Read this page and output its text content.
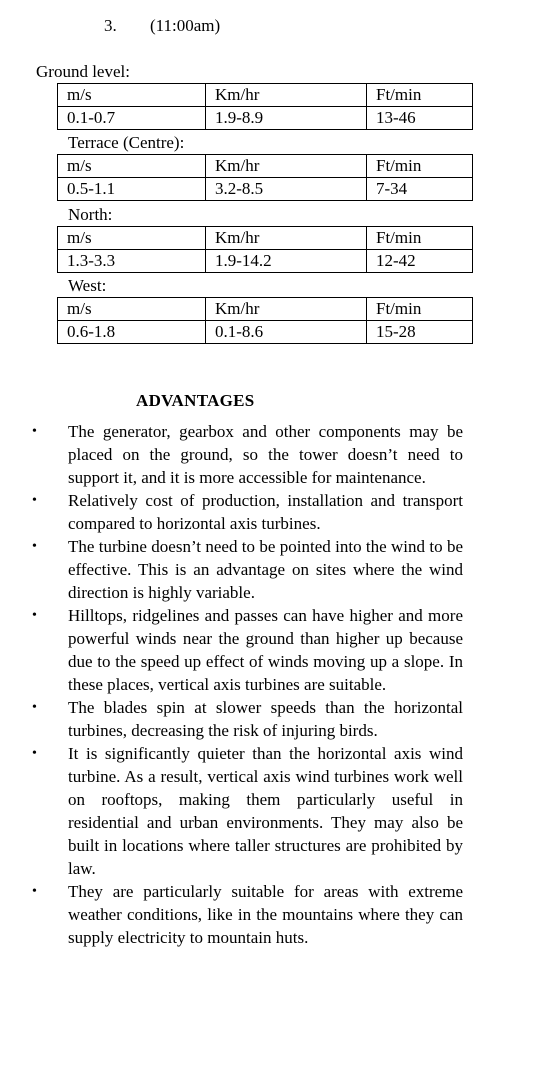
3. (11:00am)
Ground level:
m/s	Km/hr	Ft/min
0.1-0.7	1.9-8.9	13-46
Terrace (Centre):
m/s	Km/hr	Ft/min
0.5-1.1	3.2-8.5	7-34
North:
m/s	Km/hr	Ft/min
1.3-3.3	1.9-14.2	12-42
West:
m/s	Km/hr	Ft/min
0.6-1.8	0.1-8.6	15-28
ADVANTAGES
• The generator, gearbox and other components may be placed on the ground, so the tower doesn’t need to support it, and it is more accessible for maintenance.
• Relatively cost of production, installation and transport compared to horizontal axis turbines.
• The turbine doesn’t need to be pointed into the wind to be effective. This is an advantage on sites where the wind direction is highly variable.
• Hilltops, ridgelines and passes can have higher and more powerful winds near the ground than higher up because due to the speed up effect of winds moving up a slope. In these places, vertical axis turbines are suitable.
• The blades spin at slower speeds than the horizontal turbines, decreasing the risk of injuring birds.
• It is significantly quieter than the horizontal axis wind turbine. As a result, vertical axis wind turbines work well on rooftops, making them particularly useful in residential and urban environments. They may also be built in locations where taller structures are prohibited by law.
• They are particularly suitable for areas with extreme weather conditions, like in the mountains where they can supply electricity to mountain huts.
